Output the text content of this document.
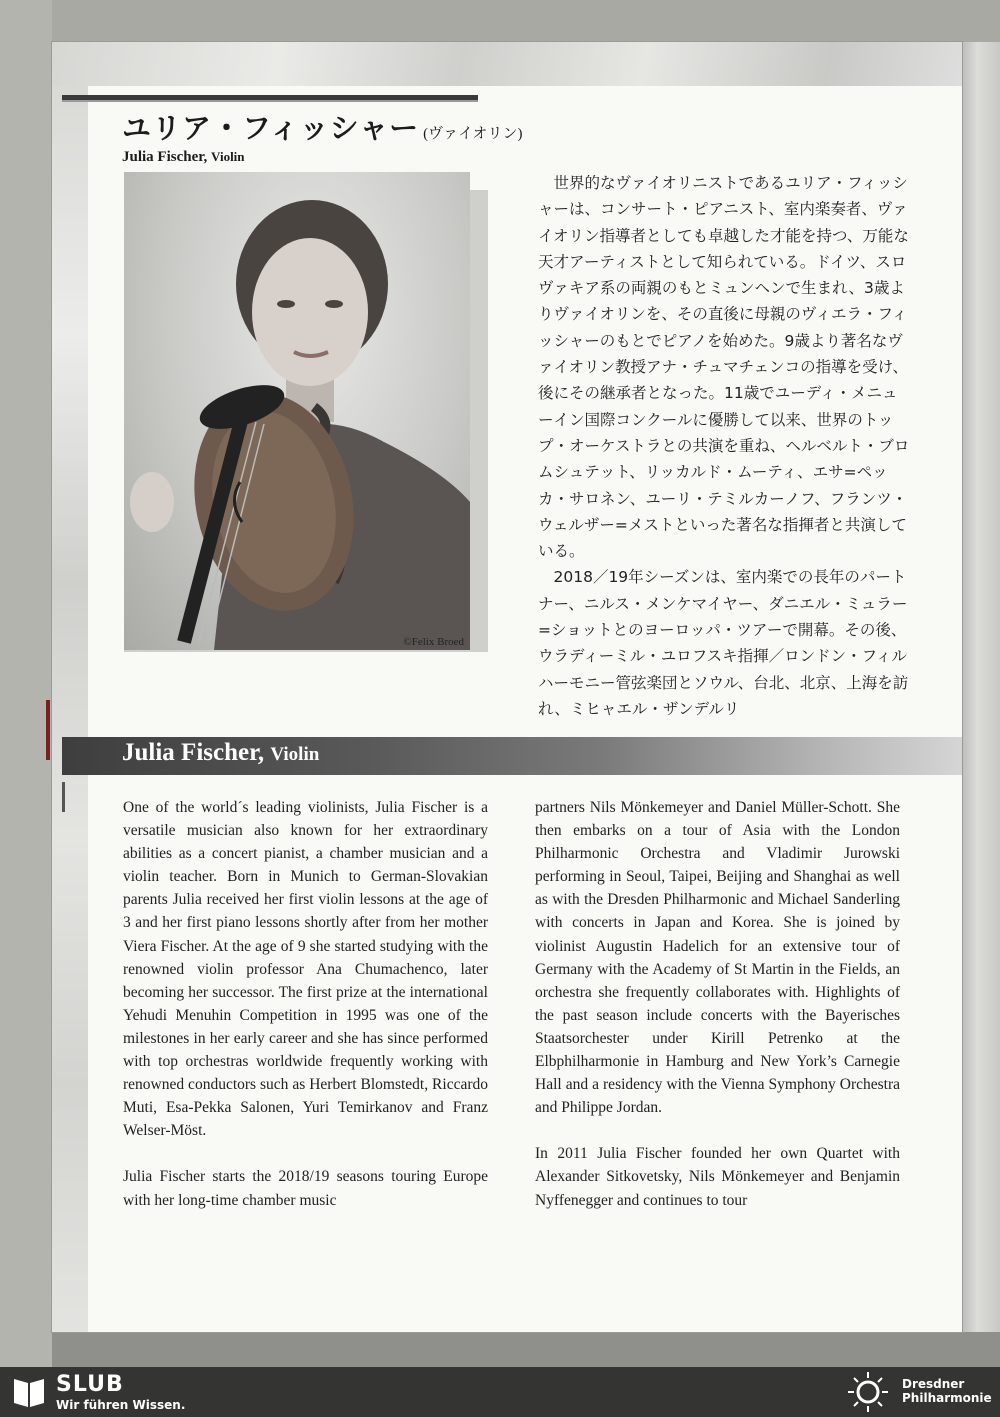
ユリア・フィッシャー (ヴァイオリン)
Julia Fischer, Violin
©Felix Broed

世界的なヴァイオリニストであるユリア・フィッシャーは、コンサート・ピアニスト、室内楽奏者、ヴァイオリン指導者としても卓越した才能を持つ、万能な天才アーティストとして知られている。ドイツ、スロヴァキア系の両親のもとミュンヘンで生まれ、3歳よりヴァイオリンを、その直後に母親のヴィエラ・フィッシャーのもとでピアノを始めた。9歳より著名なヴァイオリン教授アナ・チュマチェンコの指導を受け、後にその継承者となった。11歳でユーディ・メニューイン国際コンクールに優勝して以来、世界のトップ・オーケストラとの共演を重ね、ヘルベルト・ブロムシュテット、リッカルド・ムーティ、エサ=ペッカ・サロネン、ユーリ・テミルカーノフ、フランツ・ウェルザー=メストといった著名な指揮者と共演している。

2018／19年シーズンは、室内楽での長年のパートナー、ニルス・メンケマイヤー、ダニエル・ミュラー=ショットとのヨーロッパ・ツアーで開幕。その後、ウラディーミル・ユロフスキ指揮／ロンドン・フィルハーモニー管弦楽団とソウル、台北、北京、上海を訪れ、ミヒャエル・ザンデルリ

Julia Fischer, Violin

One of the world´s leading violinists, Julia Fischer is a versatile musician also known for her extraordinary abilities as a concert pianist, a chamber musician and a violin teacher. Born in Munich to German-Slovakian parents Julia received her first violin lessons at the age of 3 and her first piano lessons shortly after from her mother Viera Fischer. At the age of 9 she started studying with the renowned violin professor Ana Chumachenco, later becoming her successor. The first prize at the international Yehudi Menuhin Competition in 1995 was one of the milestones in her early career and she has since performed with top orchestras worldwide frequently working with renowned conductors such as Herbert Blomstedt, Riccardo Muti, Esa-Pekka Salonen, Yuri Temirkanov and Franz Welser-Möst.

Julia Fischer starts the 2018/19 seasons touring Europe with her long-time chamber music

partners Nils Mönkemeyer and Daniel Müller-Schott. She then embarks on a tour of Asia with the London Philharmonic Orchestra and Vladimir Jurowski performing in Seoul, Taipei, Beijing and Shanghai as well as with the Dresden Philharmonic and Michael Sanderling with concerts in Japan and Korea. She is joined by violinist Augustin Hadelich for an extensive tour of Germany with the Academy of St Martin in the Fields, an orchestra she frequently collaborates with. Highlights of the past season include concerts with the Bayerisches Staatsorchester under Kirill Petrenko at the Elbphilharmonie in Hamburg and New York’s Carnegie Hall and a residency with the Vienna Symphony Orchestra and Philippe Jordan.

In 2011 Julia Fischer founded her own Quartet with Alexander Sitkovetsky, Nils Mönkemeyer and Benjamin Nyffenegger and continues to tour

SLUB
Wir führen Wissen.
Dresdner
Philharmonie
